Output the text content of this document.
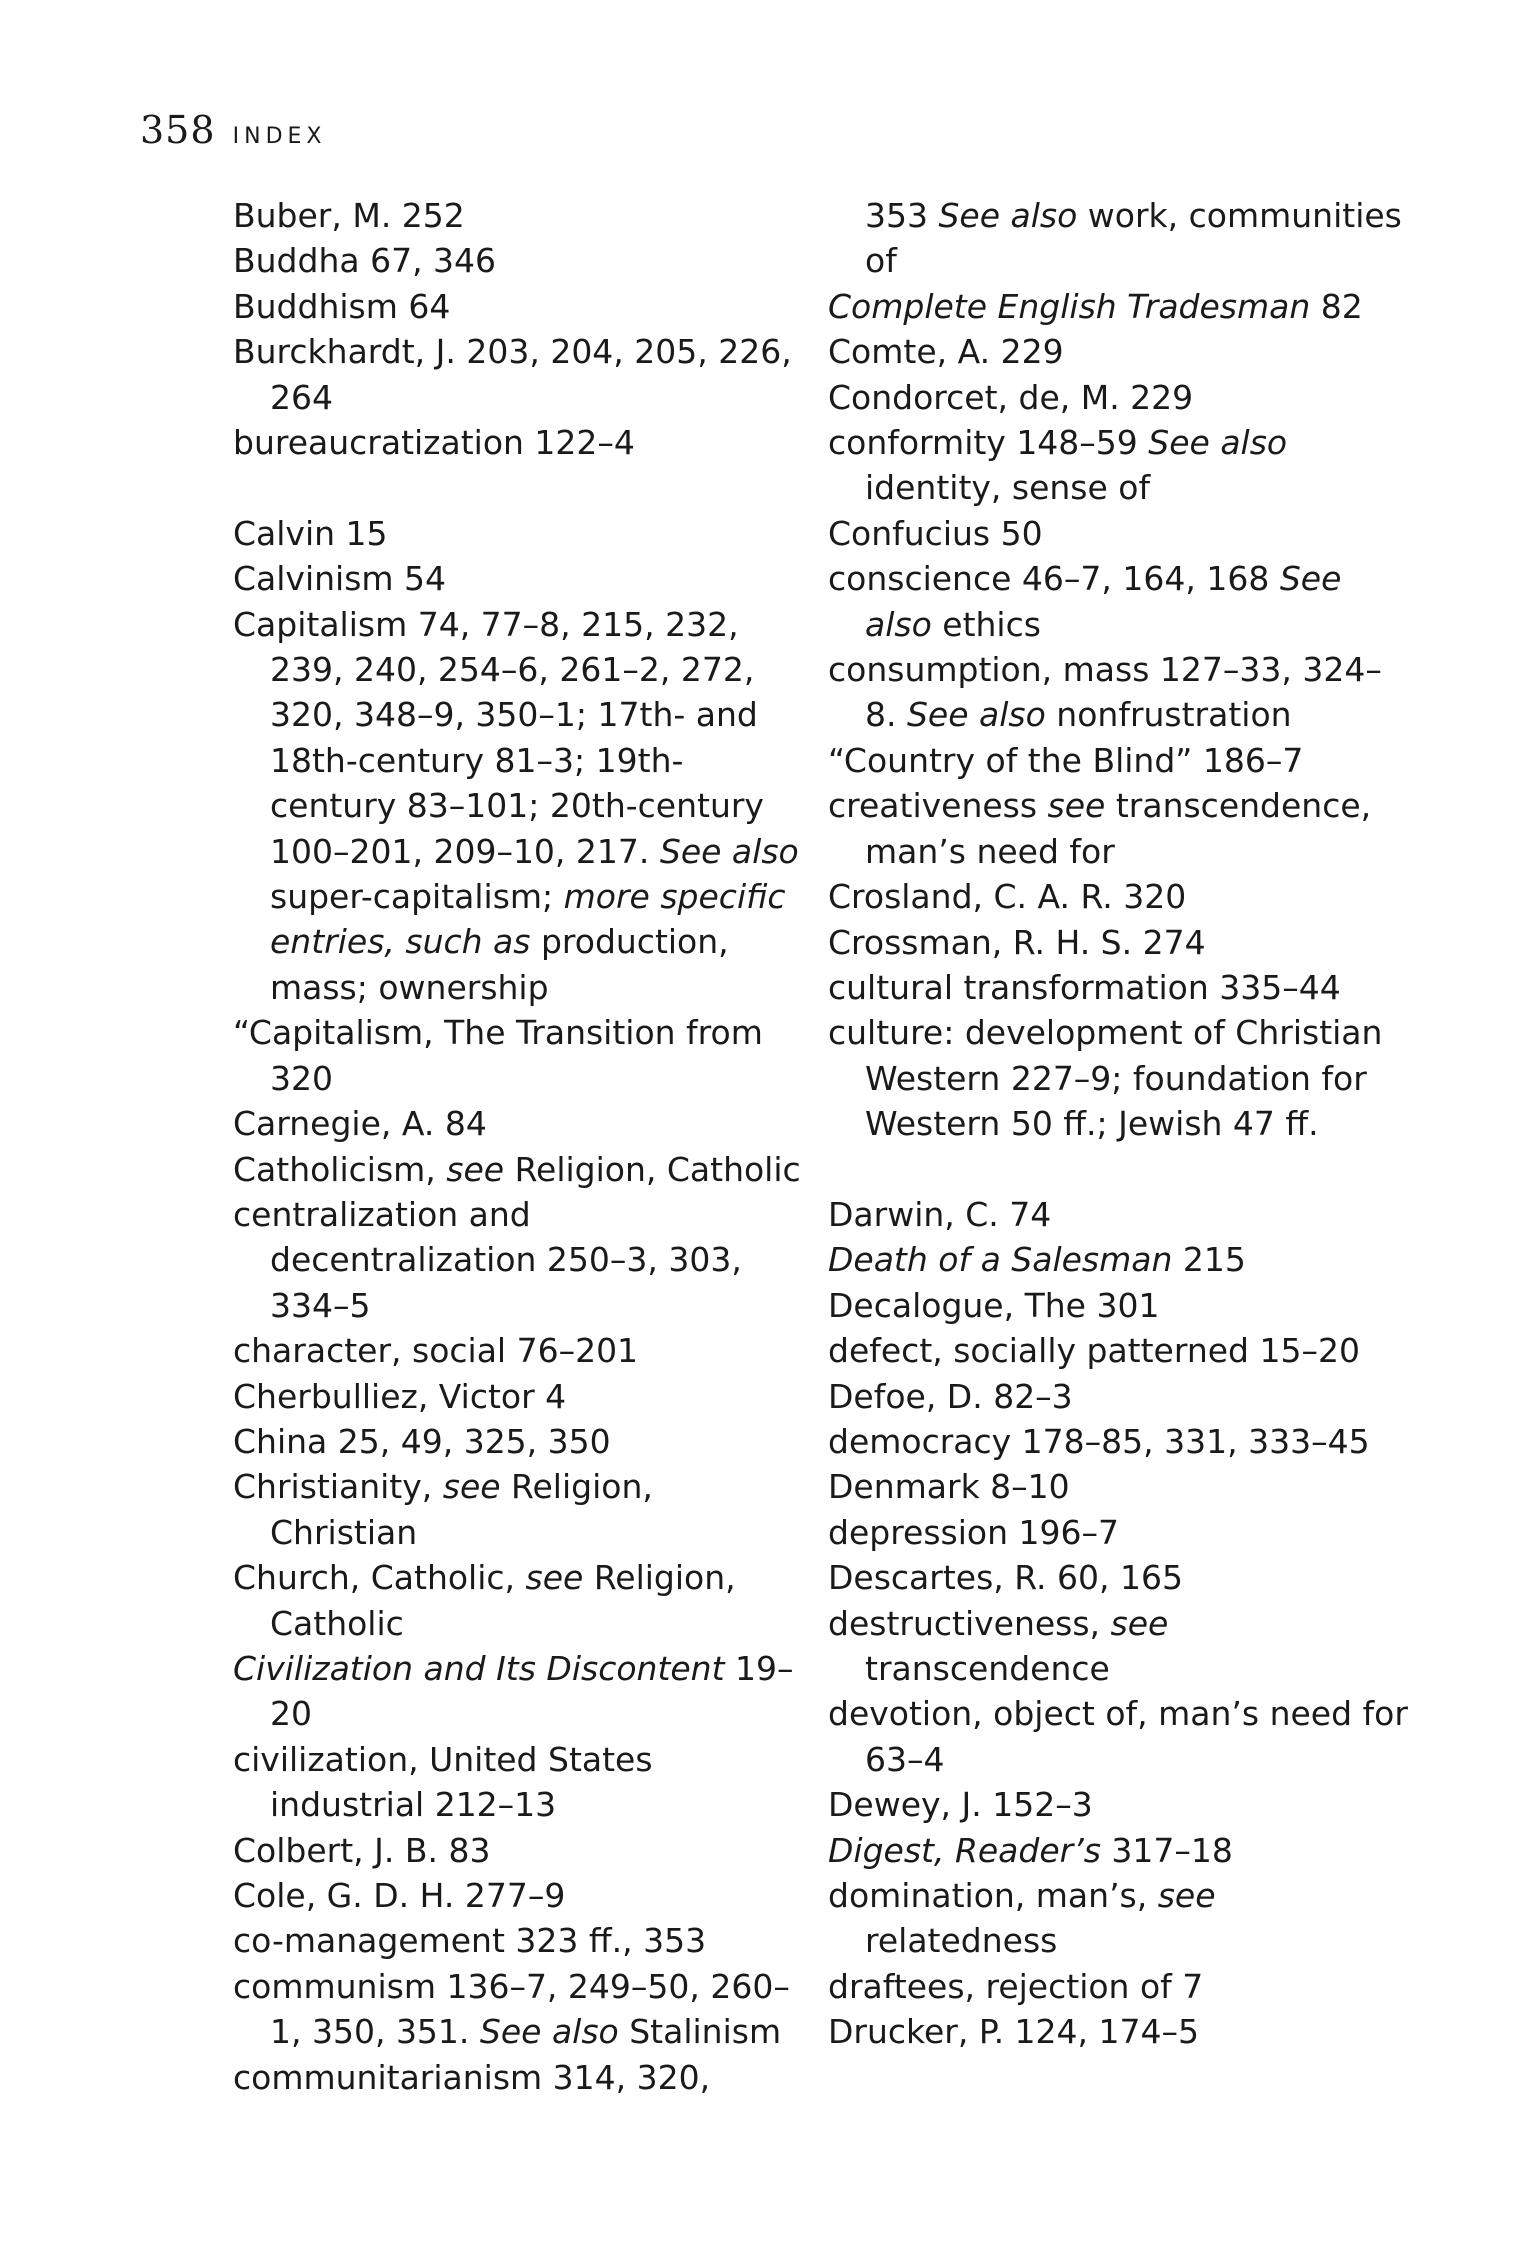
358 INDEX
Buber, M. 252
Buddha 67, 346
Buddhism 64
Burckhardt, J. 203, 204, 205, 226, 264
bureaucratization 122–4
Calvin 15
Calvinism 54
Capitalism 74, 77–8, 215, 232, 239, 240, 254–6, 261–2, 272, 320, 348–9, 350–1; 17th- and 18th-century 81–3; 19th-century 83–101; 20th-century 100–201, 209–10, 217. See also super-capitalism; more specific entries, such as production, mass; ownership
“Capitalism, The Transition from 320
Carnegie, A. 84
Catholicism, see Religion, Catholic
centralization and decentralization 250–3, 303, 334–5
character, social 76–201
Cherbulliez, Victor 4
China 25, 49, 325, 350
Christianity, see Religion, Christian
Church, Catholic, see Religion, Catholic
Civilization and Its Discontent 19–20
civilization, United States industrial 212–13
Colbert, J. B. 83
Cole, G. D. H. 277–9
co-management 323 ff., 353
communism 136–7, 249–50, 260–1, 350, 351. See also Stalinism
communitarianism 314, 320,
353 See also work, communities of
Complete English Tradesman 82
Comte, A. 229
Condorcet, de, M. 229
conformity 148–59 See also identity, sense of
Confucius 50
conscience 46–7, 164, 168 See also ethics
consumption, mass 127–33, 324–8. See also nonfrustration
“Country of the Blind” 186–7
creativeness see transcendence, man’s need for
Crosland, C. A. R. 320
Crossman, R. H. S. 274
cultural transformation 335–44
culture: development of Christian Western 227–9; foundation for Western 50 ff.; Jewish 47 ff.
Darwin, C. 74
Death of a Salesman 215
Decalogue, The 301
defect, socially patterned 15–20
Defoe, D. 82–3
democracy 178–85, 331, 333–45
Denmark 8–10
depression 196–7
Descartes, R. 60, 165
destructiveness, see transcendence
devotion, object of, man’s need for 63–4
Dewey, J. 152–3
Digest, Reader’s 317–18
domination, man’s, see relatedness
draftees, rejection of 7
Drucker, P. 124, 174–5
